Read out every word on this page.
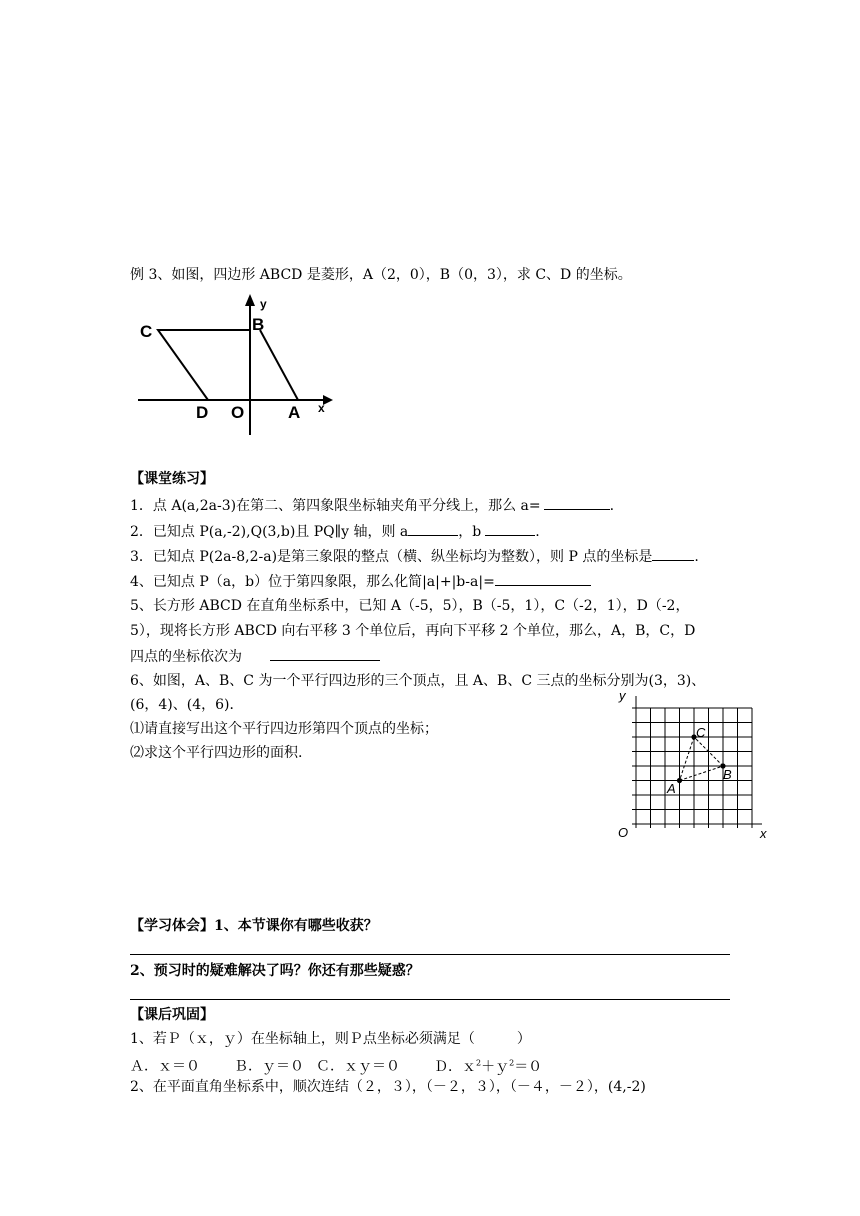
例 3、如图，四边形 ABCD 是菱形，A（2，0），B（0，3），求 C、D 的坐标。
C	B
y
D O	A x
【课堂练习】
1．点 A(a,2a-3)在第二、第四象限坐标轴夹角平分线上，那么 a=	.
2．已知点 P(a,-2),Q(3,b)且 PQ∥y 轴，则 a	，b	.
3．已知点 P(2a-8,2-a)是第三象限的整点（横、纵坐标均为整数），则 P 点的坐标是	.
4、已知点 P（a，b）位于第四象限，那么化简|a|+|b-a|=
5、长方形 ABCD 在直角坐标系中，已知 A（-5，5），B（-5，1），C（-2，1），D（-2，
5），现将长方形 ABCD 向右平移 3 个单位后，再向下平移 2 个单位，那么，A，B，C，D
四点的坐标依次为
6、如图，A、B、C 为一个平行四边形的三个顶点，且 A、B、C 三点的坐标分别为(3，3)、
(6，4)、(4，6)．
⑴请直接写出这个平行四边形第四个顶点的坐标；
⑵求这个平行四边形的面积.
y
x
O
A
B
C
【学习体会】1、本节课你有哪些收获？
2、预习时的疑难解决了吗？你还有那些疑惑？
【课后巩固】
1、若Ｐ（ｘ，ｙ）在坐标轴上，则Ｐ点坐标必须满足（　　　）
Ａ．ｘ＝０ Ｂ．ｙ＝０ Ｃ．ｘｙ＝０ Ｄ．ｘ$^2$＋ｙ$^2$＝０
2、在平面直角坐标系中，顺次连结（２，３），（－２，３），（－４，－２），(4,-2)
